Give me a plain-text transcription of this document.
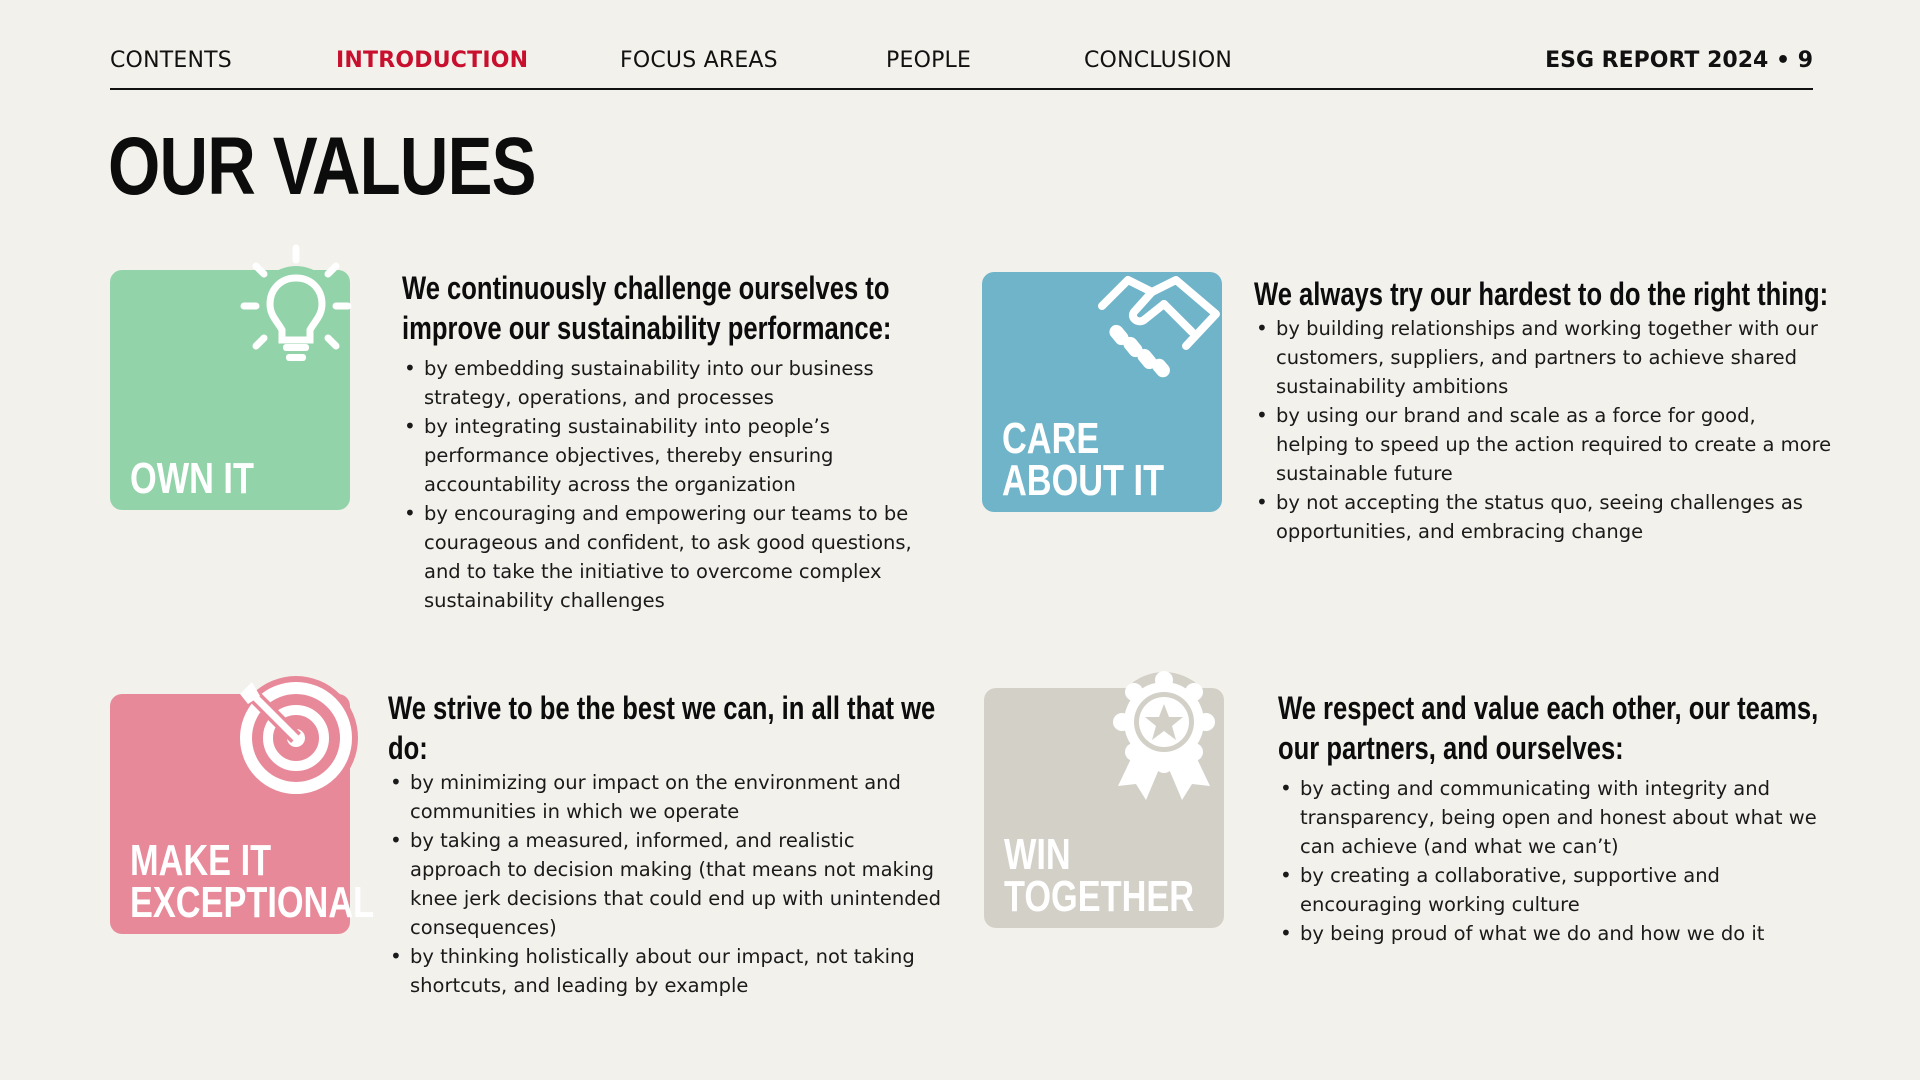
CONTENTS	INTRODUCTION	FOCUS AREAS	PEOPLE	CONCLUSION	ESG REPORT 2024 • 9
OUR VALUES
OWN IT
We continuously challenge ourselves to improve our sustainability performance:
• by embedding sustainability into our business strategy, operations, and processes
• by integrating sustainability into people’s performance objectives, thereby ensuring accountability across the organization
• by encouraging and empowering our teams to be courageous and confident, to ask good questions, and to take the initiative to overcome complex sustainability challenges
CARE
ABOUT IT
We always try our hardest to do the right thing:
• by building relationships and working together with our customers, suppliers, and partners to achieve shared sustainability ambitions
• by using our brand and scale as a force for good, helping to speed up the action required to create a more sustainable future
• by not accepting the status quo, seeing challenges as opportunities, and embracing change
MAKE IT
EXCEPTIONAL
We strive to be the best we can, in all that we do:
• by minimizing our impact on the environment and communities in which we operate
• by taking a measured, informed, and realistic approach to decision making (that means not making knee jerk decisions that could end up with unintended consequences)
• by thinking holistically about our impact, not taking shortcuts, and leading by example
WIN
TOGETHER
We respect and value each other, our teams, our partners, and ourselves:
• by acting and communicating with integrity and transparency, being open and honest about what we can achieve (and what we can’t)
• by creating a collaborative, supportive and encouraging working culture
• by being proud of what we do and how we do it
